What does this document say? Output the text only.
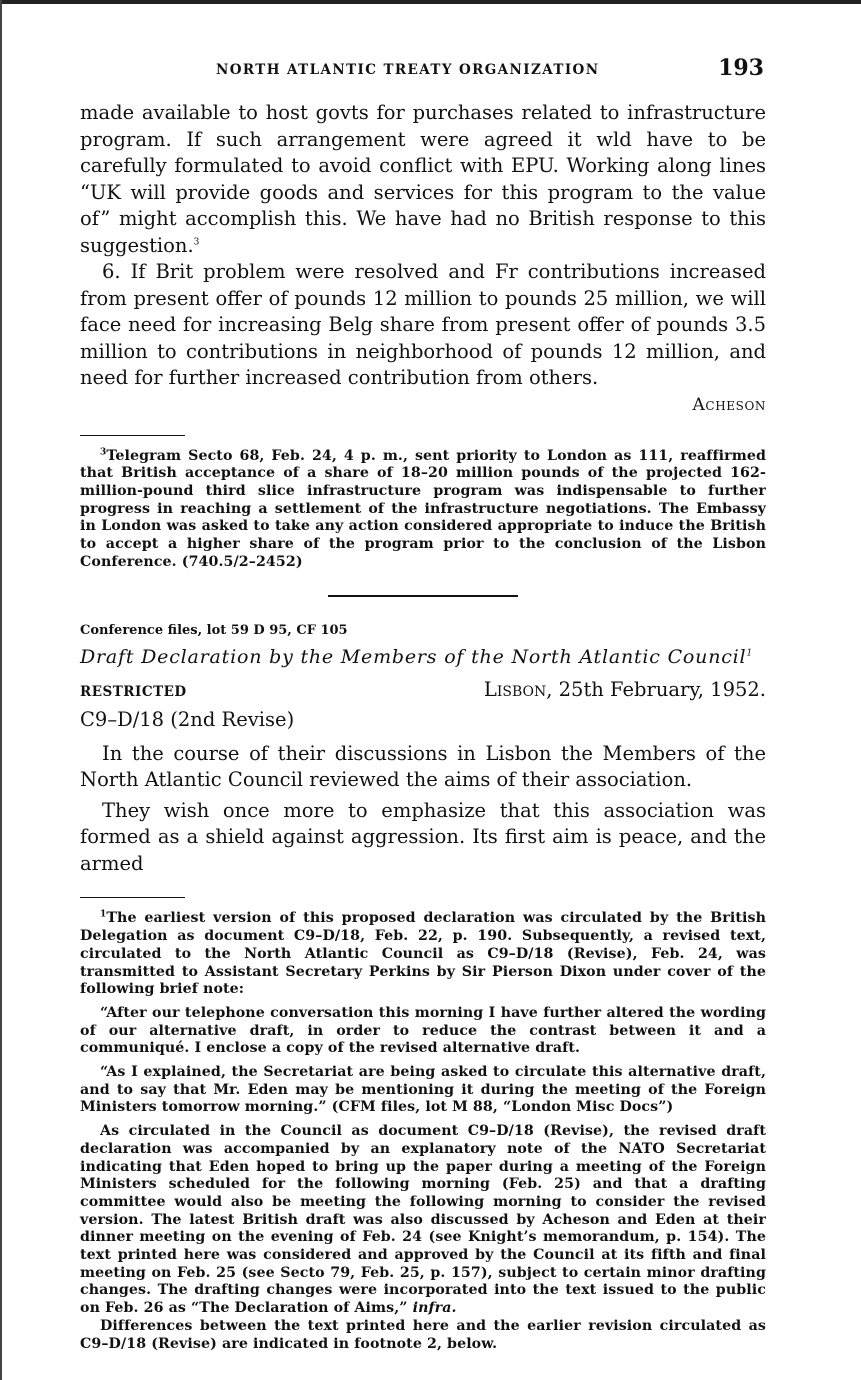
NORTH ATLANTIC TREATY ORGANIZATION	193

made available to host govts for purchases related to infrastructure program. If such arrangement were agreed it wld have to be carefully formulated to avoid conflict with EPU. Working along lines “UK will provide goods and services for this program to the value of” might accomplish this. We have had no British response to this suggestion.$^3$

6. If Brit problem were resolved and Fr contributions increased from present offer of pounds 12 million to pounds 25 million, we will face need for increasing Belg share from present offer of pounds 3.5 million to contributions in neighborhood of pounds 12 million, and need for further increased contribution from others.

Acheson

$^3$Telegram Secto 68, Feb. 24, 4 p. m., sent priority to London as 111, reaffirmed that British acceptance of a share of 18–20 million pounds of the projected 162-million-pound third slice infrastructure program was indispensable to further progress in reaching a settlement of the infrastructure negotiations. The Embassy in London was asked to take any action considered appropriate to induce the British to accept a higher share of the program prior to the conclusion of the Lisbon Conference. (740.5/2–2452)

Conference files, lot 59 D 95, CF 105

Draft Declaration by the Members of the North Atlantic Council$^1$

RESTRICTED	Lisbon, 25th February, 1952.

C9–D/18 (2nd Revise)

In the course of their discussions in Lisbon the Members of the North Atlantic Council reviewed the aims of their association.

They wish once more to emphasize that this association was formed as a shield against aggression. Its first aim is peace, and the armed

$^1$The earliest version of this proposed declaration was circulated by the British Delegation as document C9–D/18, Feb. 22, p. 190. Subsequently, a revised text, circulated to the North Atlantic Council as C9–D/18 (Revise), Feb. 24, was transmitted to Assistant Secretary Perkins by Sir Pierson Dixon under cover of the following brief note:

“After our telephone conversation this morning I have further altered the wording of our alternative draft, in order to reduce the contrast between it and a communiqué. I enclose a copy of the revised alternative draft.

“As I explained, the Secretariat are being asked to circulate this alternative draft, and to say that Mr. Eden may be mentioning it during the meeting of the Foreign Ministers tomorrow morning.” (CFM files, lot M 88, “London Misc Docs”)

As circulated in the Council as document C9–D/18 (Revise), the revised draft declaration was accompanied by an explanatory note of the NATO Secretariat indicating that Eden hoped to bring up the paper during a meeting of the Foreign Ministers scheduled for the following morning (Feb. 25) and that a drafting committee would also be meeting the following morning to consider the revised version. The latest British draft was also discussed by Acheson and Eden at their dinner meeting on the evening of Feb. 24 (see Knight’s memorandum, p. 154). The text printed here was considered and approved by the Council at its fifth and final meeting on Feb. 25 (see Secto 79, Feb. 25, p. 157), subject to certain minor drafting changes. The drafting changes were incorporated into the text issued to the public on Feb. 26 as “The Declaration of Aims,” infra.

Differences between the text printed here and the earlier revision circulated as C9–D/18 (Revise) are indicated in footnote 2, below.
